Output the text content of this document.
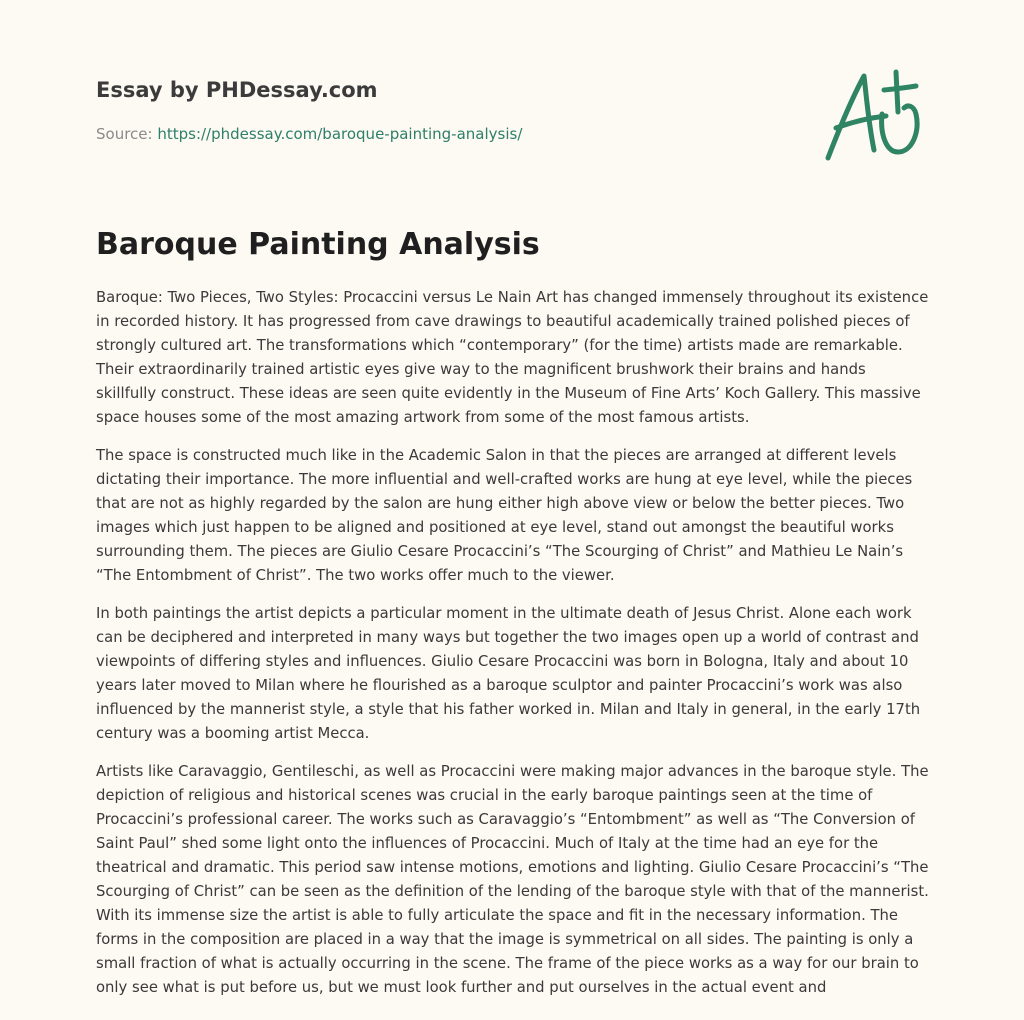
Essay by PHDessay.com
Source: https://phdessay.com/baroque-painting-analysis/
Baroque Painting Analysis

Baroque: Two Pieces, Two Styles: Procaccini versus Le Nain Art has changed immensely throughout its existence in recorded history. It has progressed from cave drawings to beautiful academically trained polished pieces of strongly cultured art. The transformations which “contemporary” (for the time) artists made are remarkable. Their extraordinarily trained artistic eyes give way to the magnificent brushwork their brains and hands skillfully construct. These ideas are seen quite evidently in the Museum of Fine Arts’ Koch Gallery. This massive space houses some of the most amazing artwork from some of the most famous artists.

The space is constructed much like in the Academic Salon in that the pieces are arranged at different levels dictating their importance. The more influential and well-crafted works are hung at eye level, while the pieces that are not as highly regarded by the salon are hung either high above view or below the better pieces. Two images which just happen to be aligned and positioned at eye level, stand out amongst the beautiful works surrounding them. The pieces are Giulio Cesare Procaccini’s “The Scourging of Christ” and Mathieu Le Nain’s “The Entombment of Christ”. The two works offer much to the viewer.

In both paintings the artist depicts a particular moment in the ultimate death of Jesus Christ. Alone each work can be deciphered and interpreted in many ways but together the two images open up a world of contrast and viewpoints of differing styles and influences. Giulio Cesare Procaccini was born in Bologna, Italy and about 10 years later moved to Milan where he flourished as a baroque sculptor and painter Procaccini’s work was also influenced by the mannerist style, a style that his father worked in. Milan and Italy in general, in the early 17th century was a booming artist Mecca.

Artists like Caravaggio, Gentileschi, as well as Procaccini were making major advances in the baroque style. The depiction of religious and historical scenes was crucial in the early baroque paintings seen at the time of Procaccini’s professional career. The works such as Caravaggio’s “Entombment” as well as “The Conversion of Saint Paul” shed some light onto the influences of Procaccini. Much of Italy at the time had an eye for the theatrical and dramatic. This period saw intense motions, emotions and lighting. Giulio Cesare Procaccini’s “The Scourging of Christ” can be seen as the definition of the lending of the baroque style with that of the mannerist. With its immense size the artist is able to fully articulate the space and fit in the necessary information. The forms in the composition are placed in a way that the image is symmetrical on all sides. The painting is only a small fraction of what is actually occurring in the scene. The frame of the piece works as a way for our brain to only see what is put before us, but we must look further and put ourselves in the actual event and
